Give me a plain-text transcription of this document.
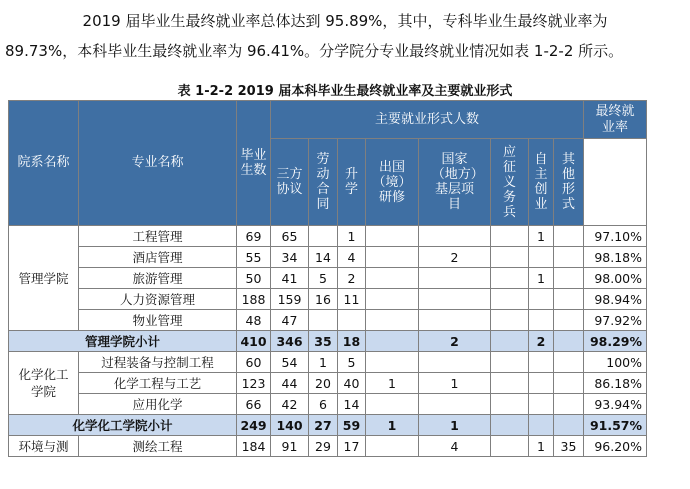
2019 届毕业生最终就业率总体达到 95.89%，其中，专科毕业生最终就业率为
89.73%，本科毕业生最终就业率为 96.41%。分学院分专业最终就业情况如表 1-2-2 所示。
表 1-2-2 2019 届本科毕业生最终就业率及主要就业形式
院系名称	专业名称	毕业生数	主要就业形式人数								最终就业率
			三方协议	劳动合同	升学	出国（境）研修	国家（地方）基层项目	应征义务兵	自主创业	其他形式	
管理学院	工程管理	69	65		1				1		97.10%
	酒店管理	55	34	14	4		2				98.18%
	旅游管理	50	41	5	2				1		98.00%
	人力资源管理	188	159	16	11						98.94%
	物业管理	48	47								97.92%
管理学院小计		410	346	35	18		2		2		98.29%
化学化工学院	过程装备与控制工程	60	54	1	5						100%
	化学工程与工艺	123	44	20	40	1	1				86.18%
	应用化学	66	42	6	14						93.94%
化学化工学院小计		249	140	27	59	1	1				91.57%
环境与测	测绘工程	184	91	29	17		4		1	35	96.20%
